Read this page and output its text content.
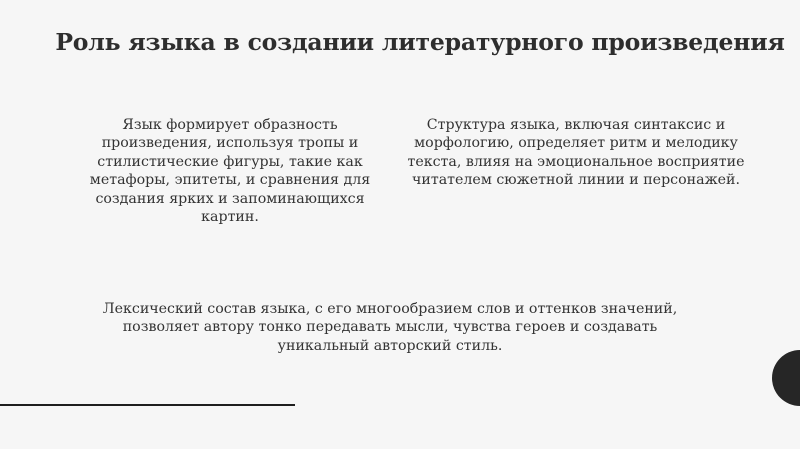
Роль языка в создании литературного произведения
Язык формирует образность произведения, используя тропы и стилистические фигуры, такие как метафоры, эпитеты, и сравнения для создания ярких и запоминающихся картин.
Структура языка, включая синтаксис и морфологию, определяет ритм и мелодику текста, влияя на эмоциональное восприятие читателем сюжетной линии и персонажей.
Лексический состав языка, с его многообразием слов и оттенков значений, позволяет автору тонко передавать мысли, чувства героев и создавать уникальный авторский стиль.
